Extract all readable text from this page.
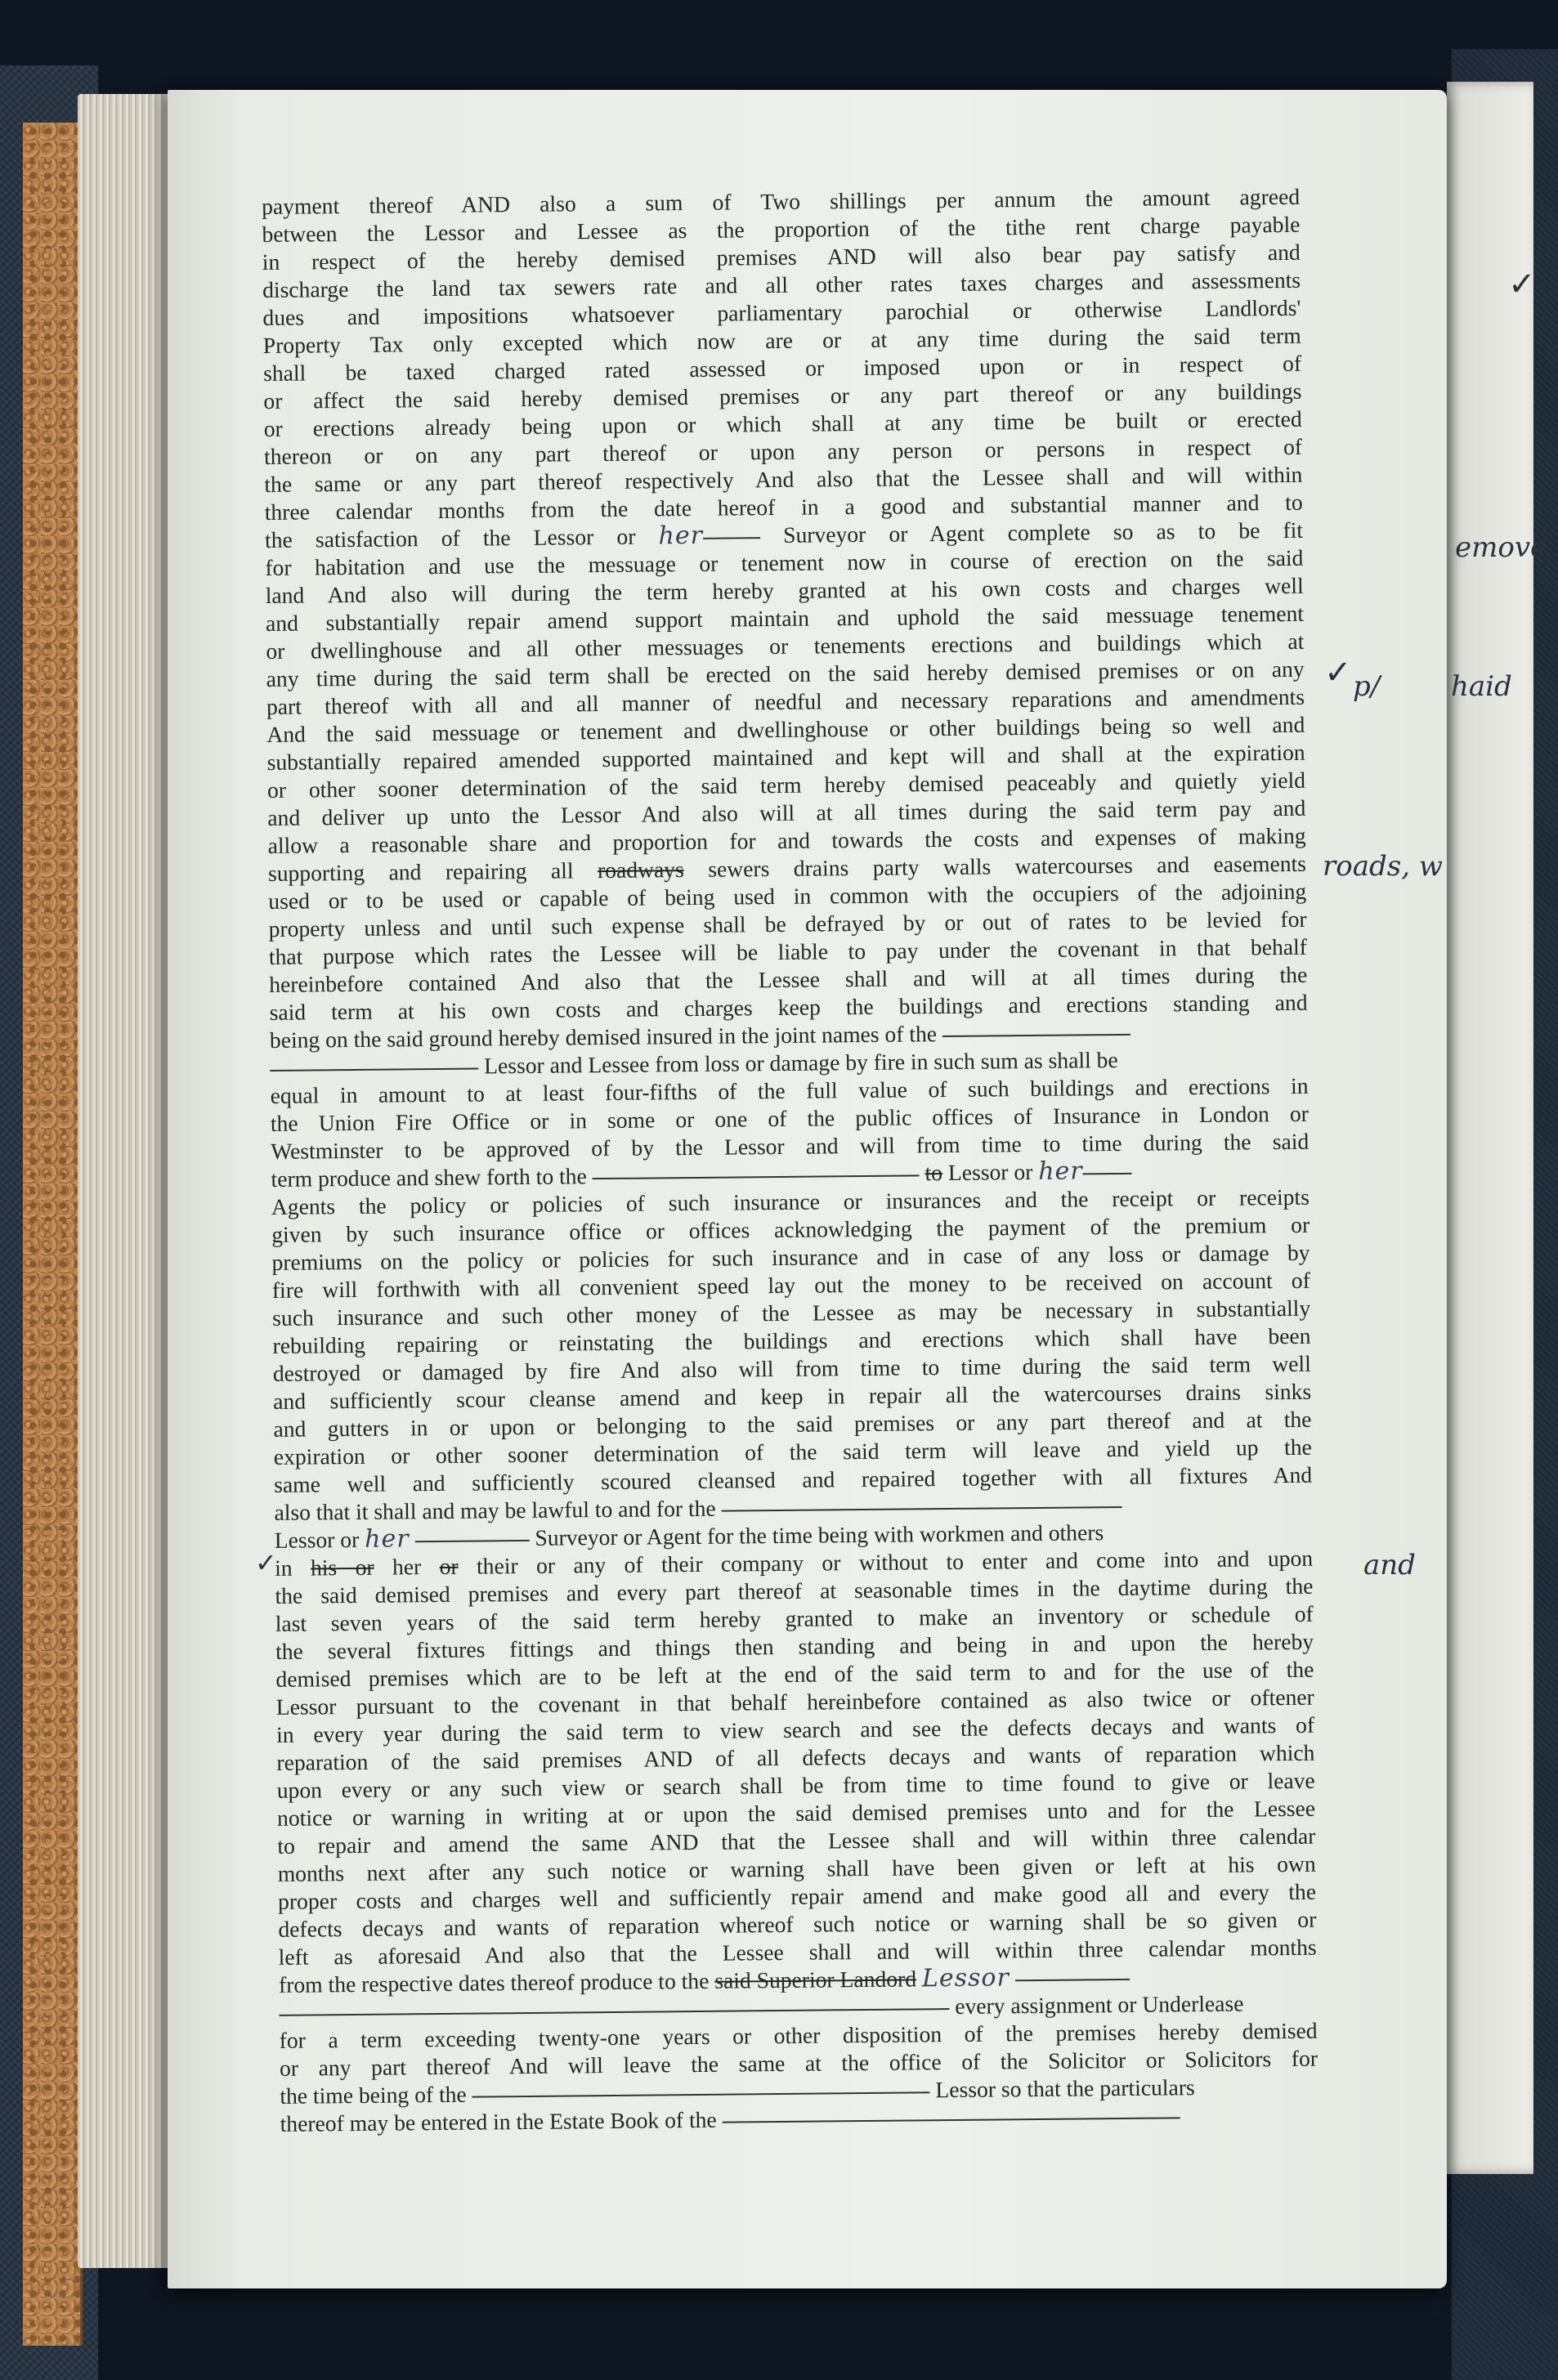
payment thereof AND also a sum of Two shillings per annum the amount agreed
between the Lessor and Lessee as the proportion of the tithe rent charge payable
in respect of the hereby demised premises AND will also bear pay satisfy and
discharge the land tax sewers rate and all other rates taxes charges and assessments
dues and impositions whatsoever parliamentary parochial or otherwise Landlords'
Property Tax only excepted which now are or at any time during the said term
shall be taxed charged rated assessed or imposed upon or in respect of
or affect the said hereby demised premises or any part thereof or any buildings
or erections already being upon or which shall at any time be built or erected
thereon or on any part thereof or upon any person or persons in respect of
the same or any part thereof respectively And also that the Lessee shall and will within
three calendar months from the date hereof in a good and substantial manner and to
the satisfaction of the Lessor or her	Surveyor or Agent complete so as to be fit
for habitation and use the messuage or tenement now in course of erection on the said
land And also will during the term hereby granted at his own costs and charges well
and substantially repair amend support maintain and uphold the said messuage tenement
or dwellinghouse and all other messuages or tenements erections and buildings which at
any time during the said term shall be erected on the said hereby demised premises or on any
part thereof with all and all manner of needful and necessary reparations and amendments
And the said messuage or tenement and dwellinghouse or other buildings being so well and
substantially repaired amended supported maintained and kept will and shall at the expiration
or other sooner determination of the said term hereby demised peaceably and quietly yield
and deliver up unto the Lessor And also will at all times during the said term pay and
allow a reasonable share and proportion for and towards the costs and expenses of making
supporting and repairing all roadways sewers drains party walls watercourses and easements
used or to be used or capable of being used in common with the occupiers of the adjoining
property unless and until such expense shall be defrayed by or out of rates to be levied for
that purpose which rates the Lessee will be liable to pay under the covenant in that behalf
hereinbefore contained And also that the Lessee shall and will at all times during the
said term at his own costs and charges keep the buildings and erections standing and
being on the said ground hereby demised insured in the joint names of the
Lessor and Lessee from loss or damage by fire in such sum as shall be
equal in amount to at least four-fifths of the full value of such buildings and erections in
the Union Fire Office or in some or one of the public offices of Insurance in London or
Westminster to be approved of by the Lessor and will from time to time during the said
term produce and shew forth to the	to Lessor or her
Agents the policy or policies of such insurance or insurances and the receipt or receipts
given by such insurance office or offices acknowledging the payment of the premium or
premiums on the policy or policies for such insurance and in case of any loss or damage by
fire will forthwith with all convenient speed lay out the money to be received on account of
such insurance and such other money of the Lessee as may be necessary in substantially
rebuilding repairing or reinstating the buildings and erections which shall have been
destroyed or damaged by fire And also will from time to time during the said term well
and sufficiently scour cleanse amend and keep in repair all the watercourses drains sinks
and gutters in or upon or belonging to the said premises or any part thereof and at the
expiration or other sooner determination of the said term will leave and yield up the
same well and sufficiently scoured cleansed and repaired together with all fixtures And
also that it shall and may be lawful to and for the
Lessor or her	Surveyor or Agent for the time being with workmen and others
in his or her or their or any of their company or without to enter and come into and upon
the said demised premises and every part thereof at seasonable times in the daytime during the
last seven years of the said term hereby granted to make an inventory or schedule of
the several fixtures fittings and things then standing and being in and upon the hereby
demised premises which are to be left at the end of the said term to and for the use of the
Lessor pursuant to the covenant in that behalf hereinbefore contained as also twice or oftener
in every year during the said term to view search and see the defects decays and wants of
reparation of the said premises AND of all defects decays and wants of reparation which
upon every or any such view or search shall be from time to time found to give or leave
notice or warning in writing at or upon the said demised premises unto and for the Lessee
to repair and amend the same AND that the Lessee shall and will within three calendar
months next after any such notice or warning shall have been given or left at his own
proper costs and charges well and sufficiently repair amend and make good all and every the
defects decays and wants of reparation whereof such notice or warning shall be so given or
left as aforesaid And also that the Lessee shall and will within three calendar months
from the respective dates thereof produce to the said Superior Landord Lessor
every assignment or Underlease
for a term exceeding twenty-one years or other disposition of the premises hereby demised
or any part thereof And will leave the same at the office of the Solicitor or Solicitors for
the time being of the	Lessor so that the particulars
thereof may be entered in the Estate Book of the
emove
p/	haid
roads, w
and
✓
✓
✓
